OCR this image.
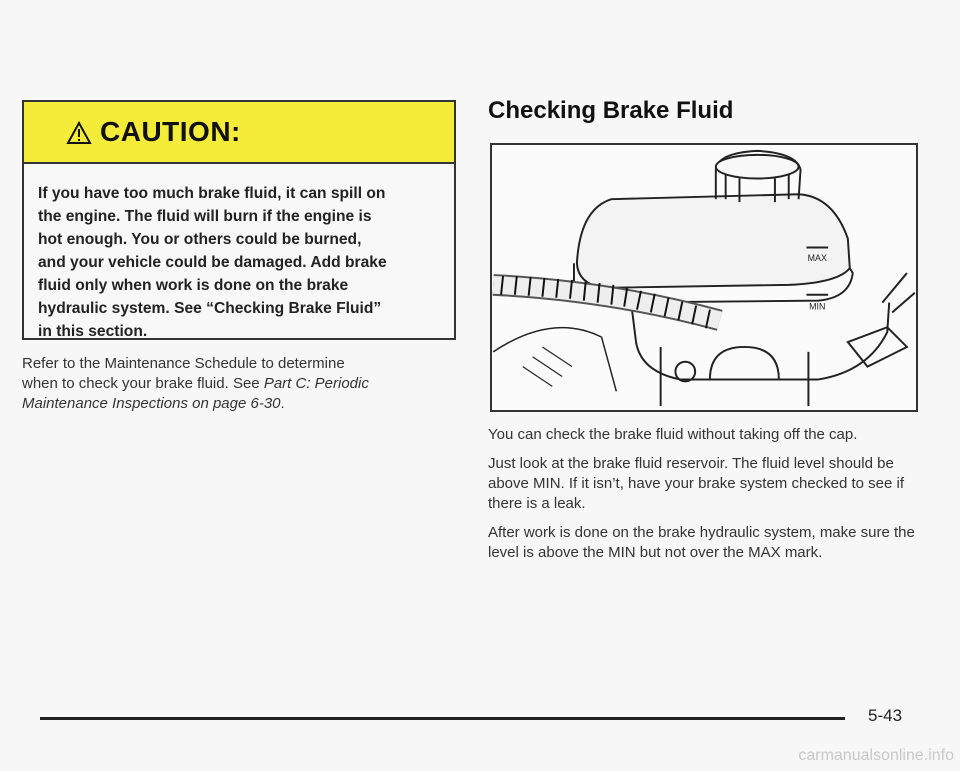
CAUTION:
If you have too much brake fluid, it can spill on
the engine. The fluid will burn if the engine is
hot enough. You or others could be burned,
and your vehicle could be damaged. Add brake
fluid only when work is done on the brake
hydraulic system. See “Checking Brake Fluid”
in this section.
Refer to the Maintenance Schedule to determine
when to check your brake fluid. See Part C: Periodic
Maintenance Inspections on page 6-30.
Checking Brake Fluid
MAX
MIN

You can check the brake fluid without taking off the cap.

Just look at the brake fluid reservoir. The fluid level should be above MIN. If it isn’t, have your brake system checked to see if there is a leak.

After work is done on the brake hydraulic system, make sure the level is above the MIN but not over the MAX mark.

5-43
carmanualsonline.info
